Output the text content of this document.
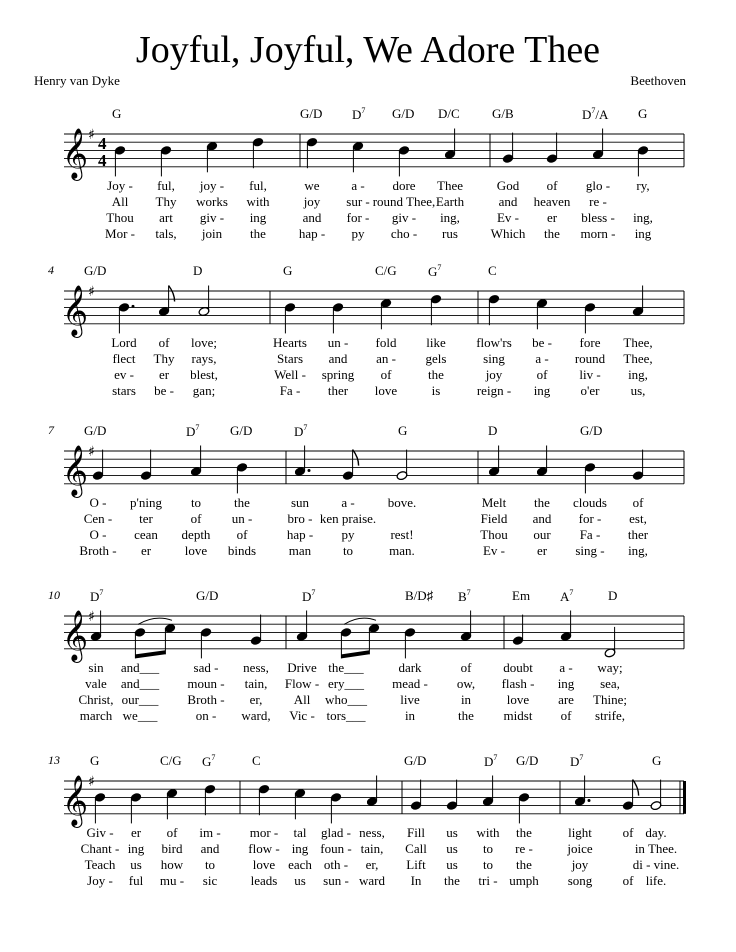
Joyful, Joyful, We Adore Thee
Henry van Dyke	Beethoven
G	G/D $D^7$ G/D D/C G/B	$D^7/A$ G
𝄞 ♯ 4
4
Joy - ful, joy - ful,	we a - dore Thee	God of glo - ry,
All Thy works with	joy sur - round Thee, Earth	and heaven re -
Thou art giv - ing	and for - giv - ing,	Ev - er bless - ing,
Mor - tals, join the	hap - py cho - rus	Which the morn - ing
4 G/D	D	G	C/G $G^7$	C
𝄞 ♯
Lord of love;	Hearts un - fold like flow'rs be - fore Thee,
flect Thy rays,	Stars and an - gels	sing a - round Thee,
ev - er blest,	Well - spring of	the	joy	of liv - ing,
stars be - gan;	Fa - ther love	is	reign - ing o'er us,
7 G/D	$D^7$ G/D	$D^7$	G	D	G/D
𝄞 ♯
O - p'ning to	the	sun a -	bove.	Melt the clouds of
Cen - ter	of un -	bro - ken praise.	Field and for - est,
O - cean depth of	hap - py	rest!	Thou our Fa - ther
Broth - er	love binds	man to	man.	Ev - er sing - ing,
10 $D^7$	G/D	$D^7$	B/D♯ $B^7$	Em $A^7$	D
𝄞 ♯
sin and___	sad - ness, Drive the___	dark	of doubt a - way;
vale and___ moun - tain, Flow - ery___ mead - ow, flash - ing sea,
Christ, our___ Broth - er, All who___	live	in	love are Thine;
march we___	on - ward, Vic - tors___	in	the midst of strife,
13 G	C/G $G^7$	C	G/D	$D^7$ G/D $D^7$	G
𝄞 ♯
Giv - er of im - mor - tal glad - ness, Fill us with the	light of day.
Chant - ing bird and flow - ing foun - tain, Call us to re -	joice	in Thee.
Teach us how to	love each oth - er, Lift us to the	joy	di - vine.
Joy - ful mu - sic	leads us sun - ward In the tri - umph song of life.
